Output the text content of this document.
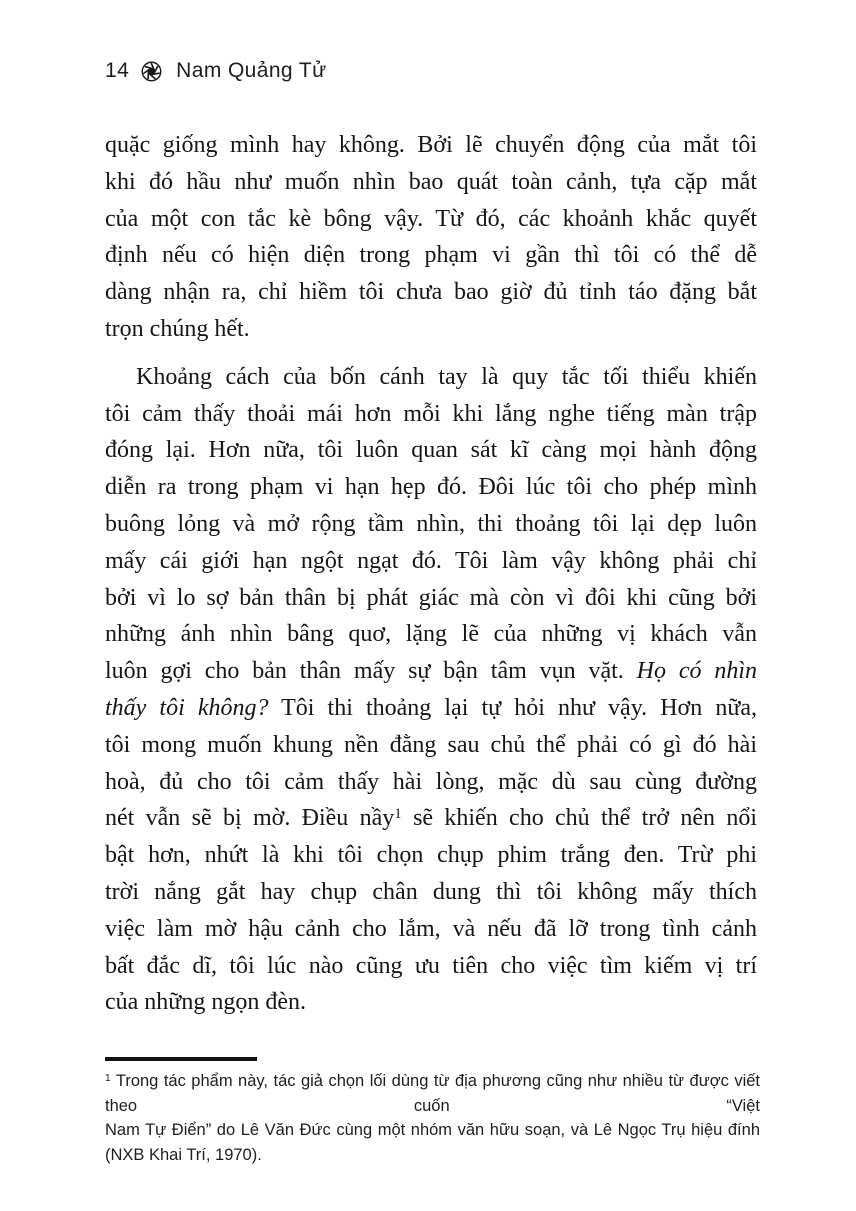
14 Nam Quảng Tử
quặc giống mình hay không. Bởi lẽ chuyển động của mắt tôi
khi đó hầu như muốn nhìn bao quát toàn cảnh, tựa cặp mắt
của một con tắc kè bông vậy. Từ đó, các khoảnh khắc quyết
định nếu có hiện diện trong phạm vi gần thì tôi có thể dễ
dàng nhận ra, chỉ hiềm tôi chưa bao giờ đủ tỉnh táo đặng bắt
trọn chúng hết.
Khoảng cách của bốn cánh tay là quy tắc tối thiểu khiến
tôi cảm thấy thoải mái hơn mỗi khi lắng nghe tiếng màn trập
đóng lại. Hơn nữa, tôi luôn quan sát kĩ càng mọi hành động
diễn ra trong phạm vi hạn hẹp đó. Đôi lúc tôi cho phép mình
buông lỏng và mở rộng tầm nhìn, thi thoảng tôi lại dẹp luôn
mấy cái giới hạn ngột ngạt đó. Tôi làm vậy không phải chỉ
bởi vì lo sợ bản thân bị phát giác mà còn vì đôi khi cũng bởi
những ánh nhìn bâng quơ, lặng lẽ của những vị khách vẫn
luôn gợi cho bản thân mấy sự bận tâm vụn vặt. Họ có nhìn
thấy tôi không? Tôi thi thoảng lại tự hỏi như vậy. Hơn nữa,
tôi mong muốn khung nền đằng sau chủ thể phải có gì đó hài
hoà, đủ cho tôi cảm thấy hài lòng, mặc dù sau cùng đường
nét vẫn sẽ bị mờ. Điều nầy$^1$ sẽ khiến cho chủ thể trở nên nổi
bật hơn, nhứt là khi tôi chọn chụp phim trắng đen. Trừ phi
trời nắng gắt hay chụp chân dung thì tôi không mấy thích
việc làm mờ hậu cảnh cho lắm, và nếu đã lỡ trong tình cảnh
bất đắc dĩ, tôi lúc nào cũng ưu tiên cho việc tìm kiếm vị trí
của những ngọn đèn.
$^1$ Trong tác phẩm này, tác giả chọn lối dùng từ địa phương cũng như nhiều từ được viết theo cuốn “Việt
Nam Tự Điển” do Lê Văn Đức cùng một nhóm văn hữu soạn, và Lê Ngọc Trụ hiệu đính (NXB Khai Trí, 1970).
